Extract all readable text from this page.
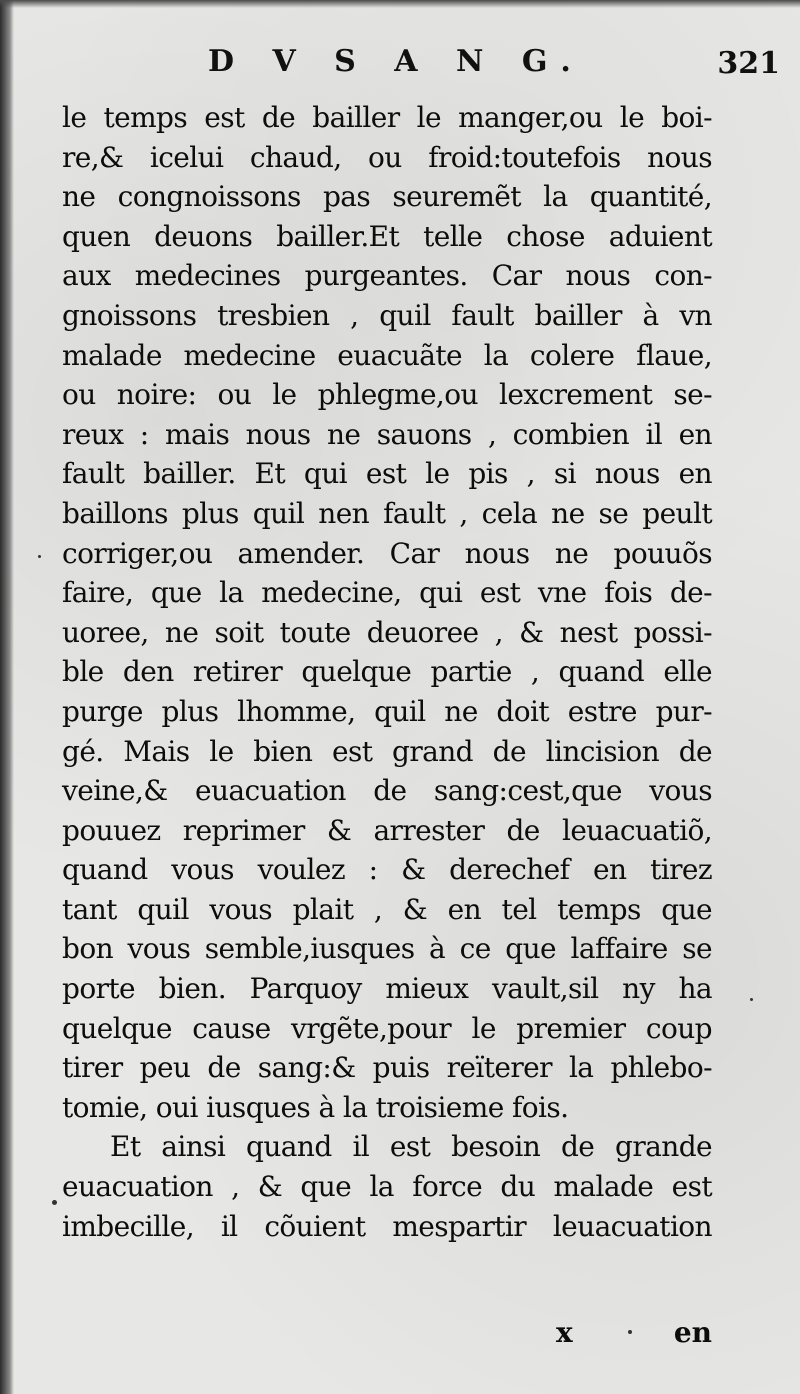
D V S A N G.	321
le temps est de bailler le manger,ou le boi-
re,& icelui chaud, ou froid:toutefois nous
ne congnoissons pas seuremẽt la quantité,
quen deuons bailler.Et telle chose aduient
aux medecines purgeantes. Car nous con-
gnoissons tresbien , quil fault bailler à vn
malade medecine euacuãte la colere flaue,
ou noire: ou le phlegme,ou lexcrement se-
reux : mais nous ne sauons , combien il en
fault bailler. Et qui est le pis , si nous en
baillons plus quil nen fault , cela ne se peult
corriger,ou amender. Car nous ne pouuõs
faire, que la medecine, qui est vne fois de-
uoree, ne soit toute deuoree , & nest possi-
ble den retirer quelque partie , quand elle
purge plus lhomme, quil ne doit estre pur-
gé. Mais le bien est grand de lincision de
veine,& euacuation de sang:cest,que vous
pouuez reprimer & arrester de leuacuatiõ,
quand vous voulez : & derechef en tirez
tant quil vous plait , & en tel temps que
bon vous semble,iusques à ce que laffaire se
porte bien. Parquoy mieux vault,sil ny ha
quelque cause vrgẽte,pour le premier coup
tirer peu de sang:& puis reïterer la phlebo-
tomie, oui iusques à la troisieme fois.
Et ainsi quand il est besoin de grande
euacuation , & que la force du malade est
imbecille, il cõuient mespartir leuacuation
x	en
